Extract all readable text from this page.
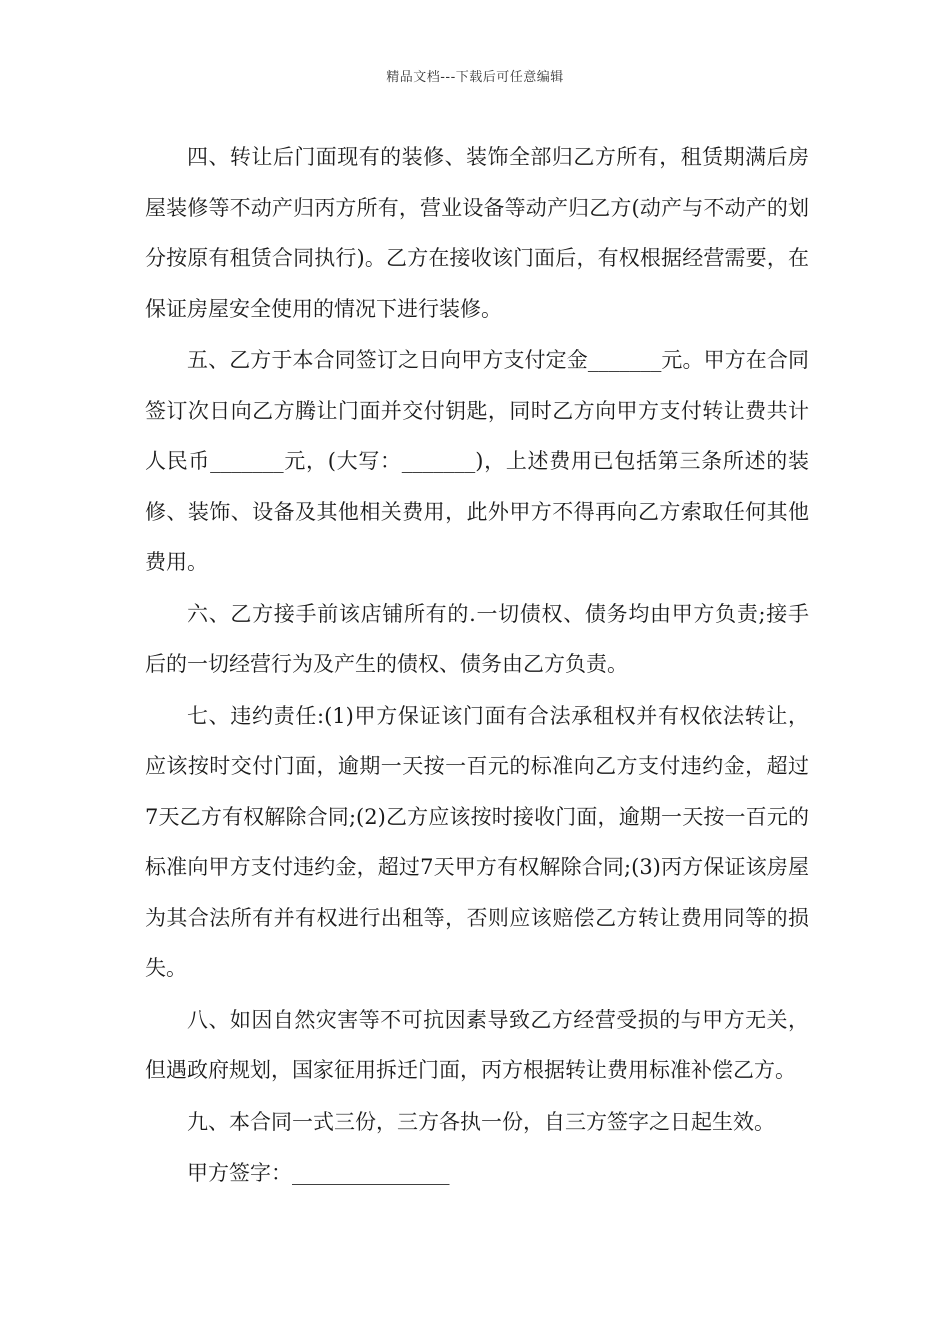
精品文档---下载后可任意编辑

四、转让后门面现有的装修、装饰全部归乙方所有，租赁期满后房屋装修等不动产归丙方所有，营业设备等动产归乙方(动产与不动产的划分按原有租赁合同执行)。乙方在接收该门面后，有权根据经营需要，在保证房屋安全使用的情况下进行装修。

五、乙方于本合同签订之日向甲方支付定金_______元。甲方在合同签订次日向乙方腾让门面并交付钥匙，同时乙方向甲方支付转让费共计人民币_______元，(大写：_______)，上述费用已包括第三条所述的装修、装饰、设备及其他相关费用，此外甲方不得再向乙方索取任何其他费用。

六、乙方接手前该店铺所有的.一切债权、债务均由甲方负责;接手后的一切经营行为及产生的债权、债务由乙方负责。

七、违约责任:(1)甲方保证该门面有合法承租权并有权依法转让，应该按时交付门面，逾期一天按一百元的标准向乙方支付违约金，超过7天乙方有权解除合同;(2)乙方应该按时接收门面，逾期一天按一百元的标准向甲方支付违约金，超过7天甲方有权解除合同;(3)丙方保证该房屋为其合法所有并有权进行出租等，否则应该赔偿乙方转让费用同等的损失。

八、如因自然灾害等不可抗因素导致乙方经营受损的与甲方无关，但遇政府规划，国家征用拆迁门面，丙方根据转让费用标准补偿乙方。

九、本合同一式三份，三方各执一份，自三方签字之日起生效。

甲方签字：_______________
